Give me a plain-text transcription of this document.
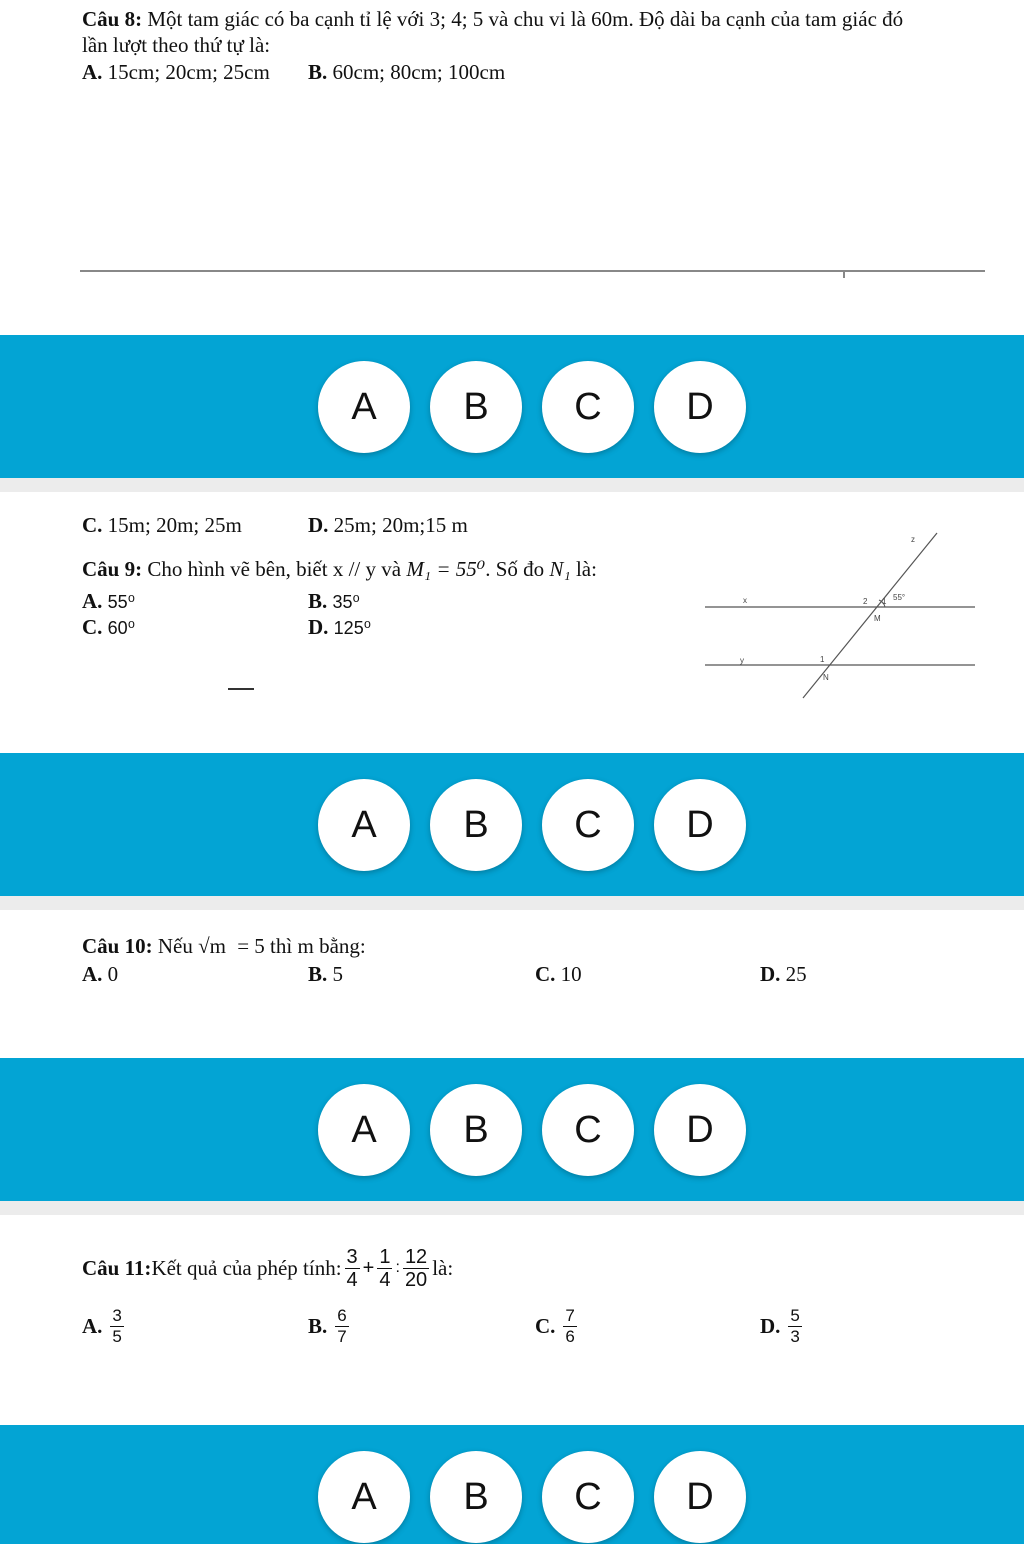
Câu 8: Một tam giác có ba cạnh tỉ lệ với 3; 4; 5 và chu vi là 60m. Độ dài ba cạnh của tam giác đó
lần lượt theo thứ tự là:
A. 15cm; 20cm; 25cm B. 60cm; 80cm; 100cm
A	B	C	D
C. 15m; 20m; 25m	D. 25m; 20m;15 m
Câu 9: Cho hình vẽ bên, biết x // y và M₁ = 55⁰. Số đo N₁ là:
A. 55⁰	B. 35⁰
C. 60⁰	D. 125⁰
z
x
y
M
N
55°
2 1
1
A	B	C	D
Câu 10: Nếu √m = 5 thì m bằng:
A. 0	B. 5	C. 10	D. 25
A	B	C	D
Câu 11: Kết quả của phép tính: $\frac{3}{4} + \frac{1}{4}$ : $\frac{12}{20}$ là:
A. $\frac{3}{5}$	B. $\frac{6}{7}$	C. $\frac{7}{6}$	D. $\frac{5}{3}$
A	B	C	D
